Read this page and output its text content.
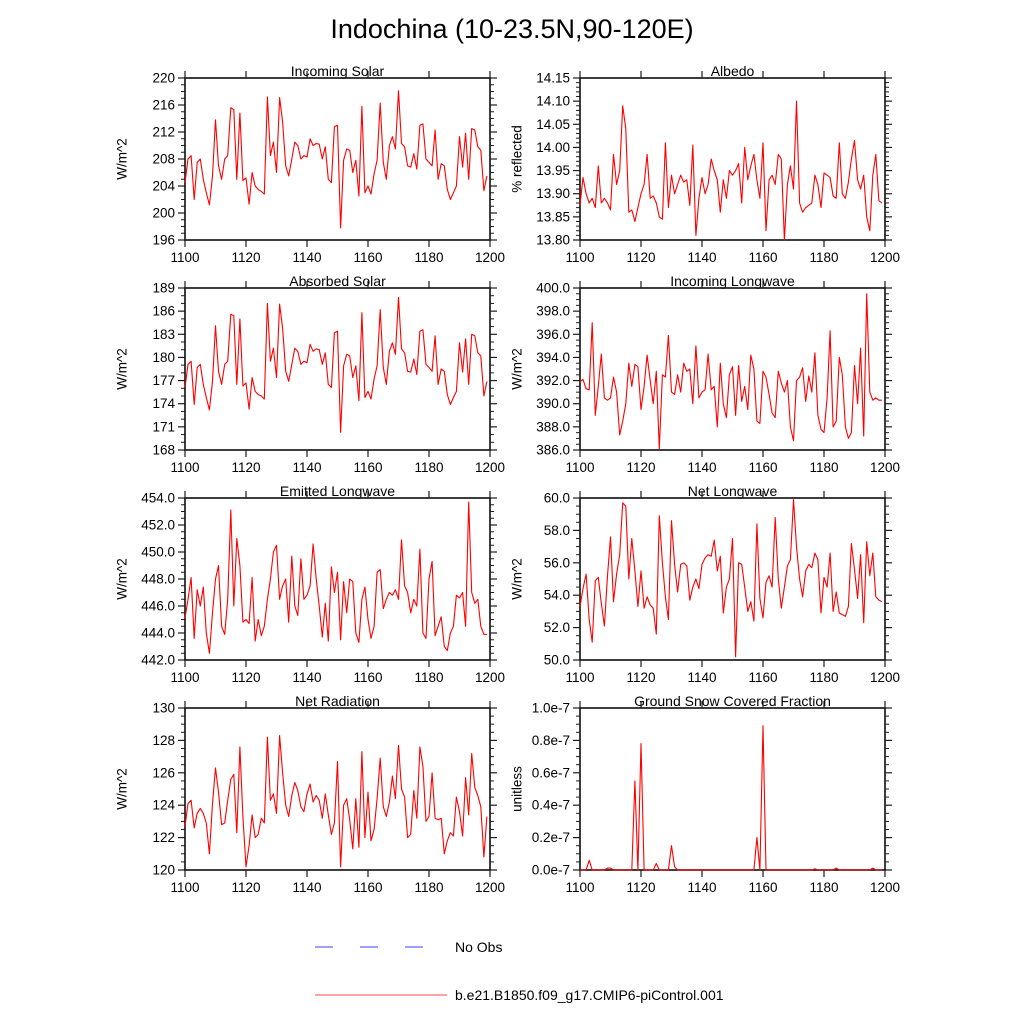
Indochina (10-23.5N,90-120E)
Incoming Solar
W/m^2
1100 1120 1140 1160 1180 1200
196
200
204
208
212
216
220	Albedo
% reflected
1100 1120 1140 1160 1180 1200
13.80
13.85
13.90
13.95
14.00
14.05
14.10
14.15
Absorbed Solar
W/m^2
1100 1120 1140 1160 1180 1200
168
171
174
177
180
183
186
189	Incoming Longwave
W/m^2
1100 1120 1140 1160 1180 1200
386.0
388.0
390.0
392.0
394.0
396.0
398.0
400.0
Emitted Longwave
W/m^2
1100 1120 1140 1160 1180 1200
442.0
444.0
446.0
448.0
450.0
452.0
454.0	Net Longwave
W/m^2
1100 1120 1140 1160 1180 1200
50.0
52.0
54.0
56.0
58.0
60.0
Net Radiation
W/m^2
1100 1120 1140 1160 1180 1200
120
122
124
126
128
130	Ground Snow Covered Fraction
unitless
1100 1120 1140 1160 1180 1200
0.0e-7
0.2e-7
0.4e-7
0.6e-7
0.8e-7
1.0e-7
No Obs
b.e21.B1850.f09_g17.CMIP6-piControl.001
